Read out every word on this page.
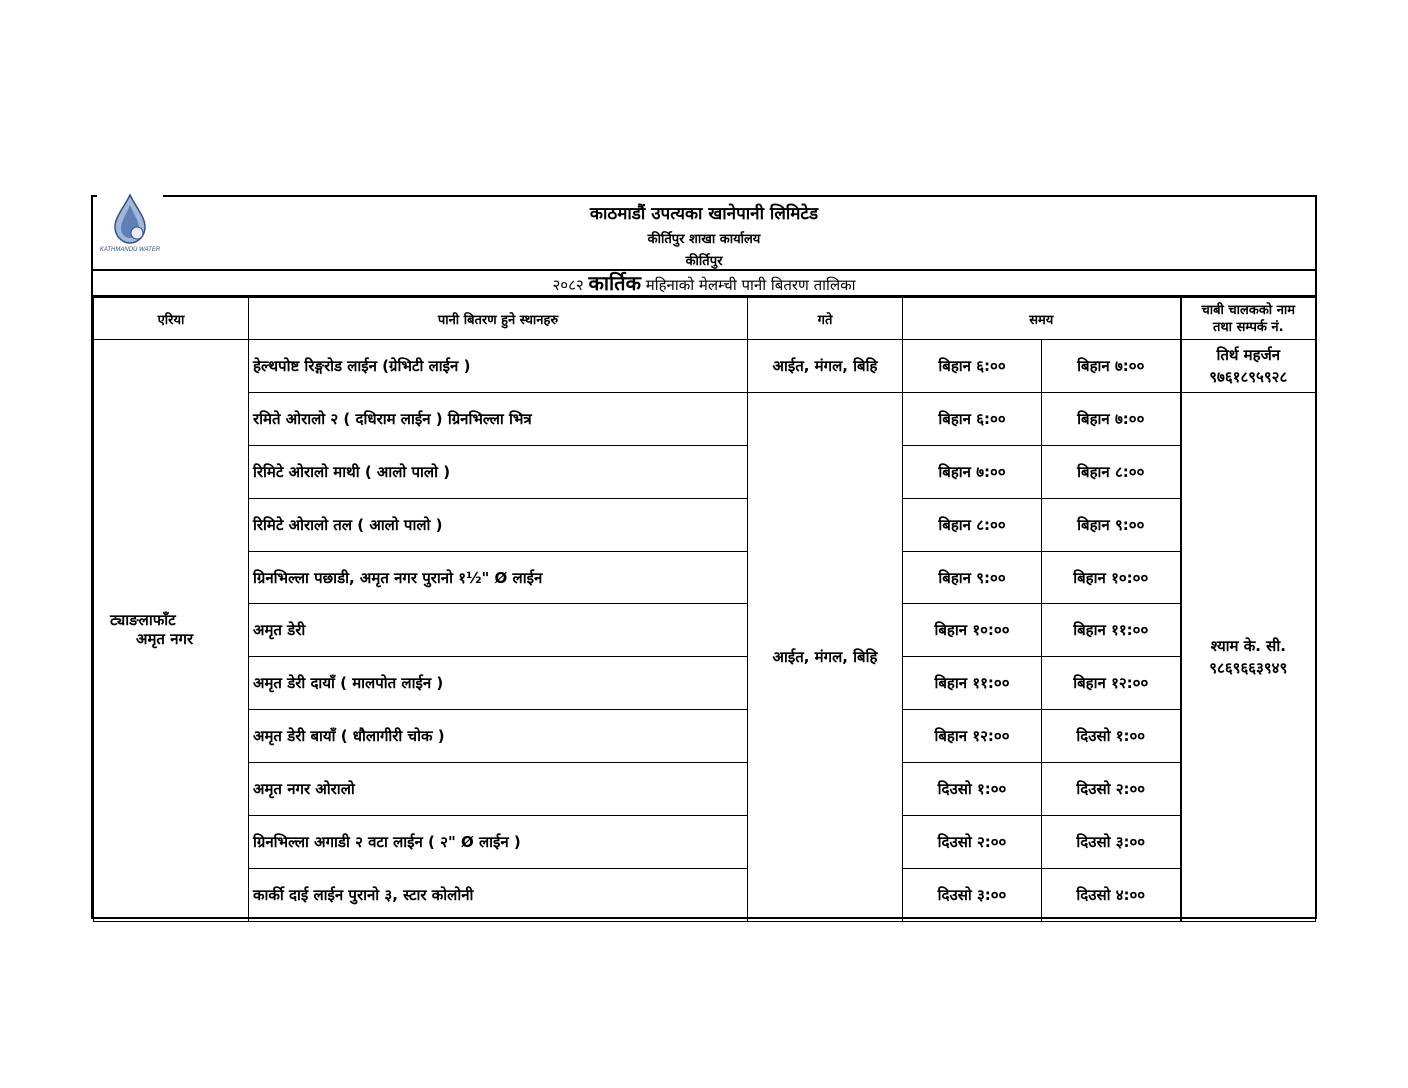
KATHMANDU WATER
काठमाडौं उपत्यका खानेपानी लिमिटेड
कीर्तिपुर शाखा कार्यालय
कीर्तिपुर
२०८२ कार्तिक महिनाको मेलम्ची पानी बितरण तालिका
एरिया	पानी बितरण हुने स्थानहरु	गते	समय		चाबी चालकको नाम
तथा सम्पर्क नं.
ट्याङलाफाँट
अमृत नगर	हेल्थपोष्ट रिङ्गरोड लाईन (ग्रेभिटी लाईन )	आईत, मंगल, बिहि	बिहान ६:००	बिहान ७:००	तिर्थ महर्जन
९७६१८९५९२८
	रमिते ओरालो २ ( दधिराम लाईन ) ग्रिनभिल्ला भित्र	आईत, मंगल, बिहि	बिहान ६:००	बिहान ७:००	श्याम के. सी.
९८६९६६३९४९
	रिमिटे ओरालो माथी ( आलो पालो )		बिहान ७:००	बिहान ८:००	
	रिमिटे ओरालो तल ( आलो पालो )		बिहान ८:००	बिहान ९:००	
	ग्रिनभिल्ला पछाडी, अमृत नगर पुरानो १½" Ø लाईन		बिहान ९:००	बिहान १०:००	
	अमृत डेरी		बिहान १०:००	बिहान ११:००	
	अमृत डेरी दायाँ ( मालपोत लाईन )		बिहान ११:००	बिहान १२:००	
	अमृत डेरी बायाँ ( धौलागीरी चोक )		बिहान १२:००	दिउसो १:००	
	अमृत नगर ओरालो		दिउसो १:००	दिउसो २:००	
	ग्रिनभिल्ला अगाडी २ वटा लाईन ( २" Ø लाईन )		दिउसो २:००	दिउसो ३:००	
	कार्की दाई लाईन पुरानो ३, स्टार कोलोनी		दिउसो ३:००	दिउसो ४:००	
